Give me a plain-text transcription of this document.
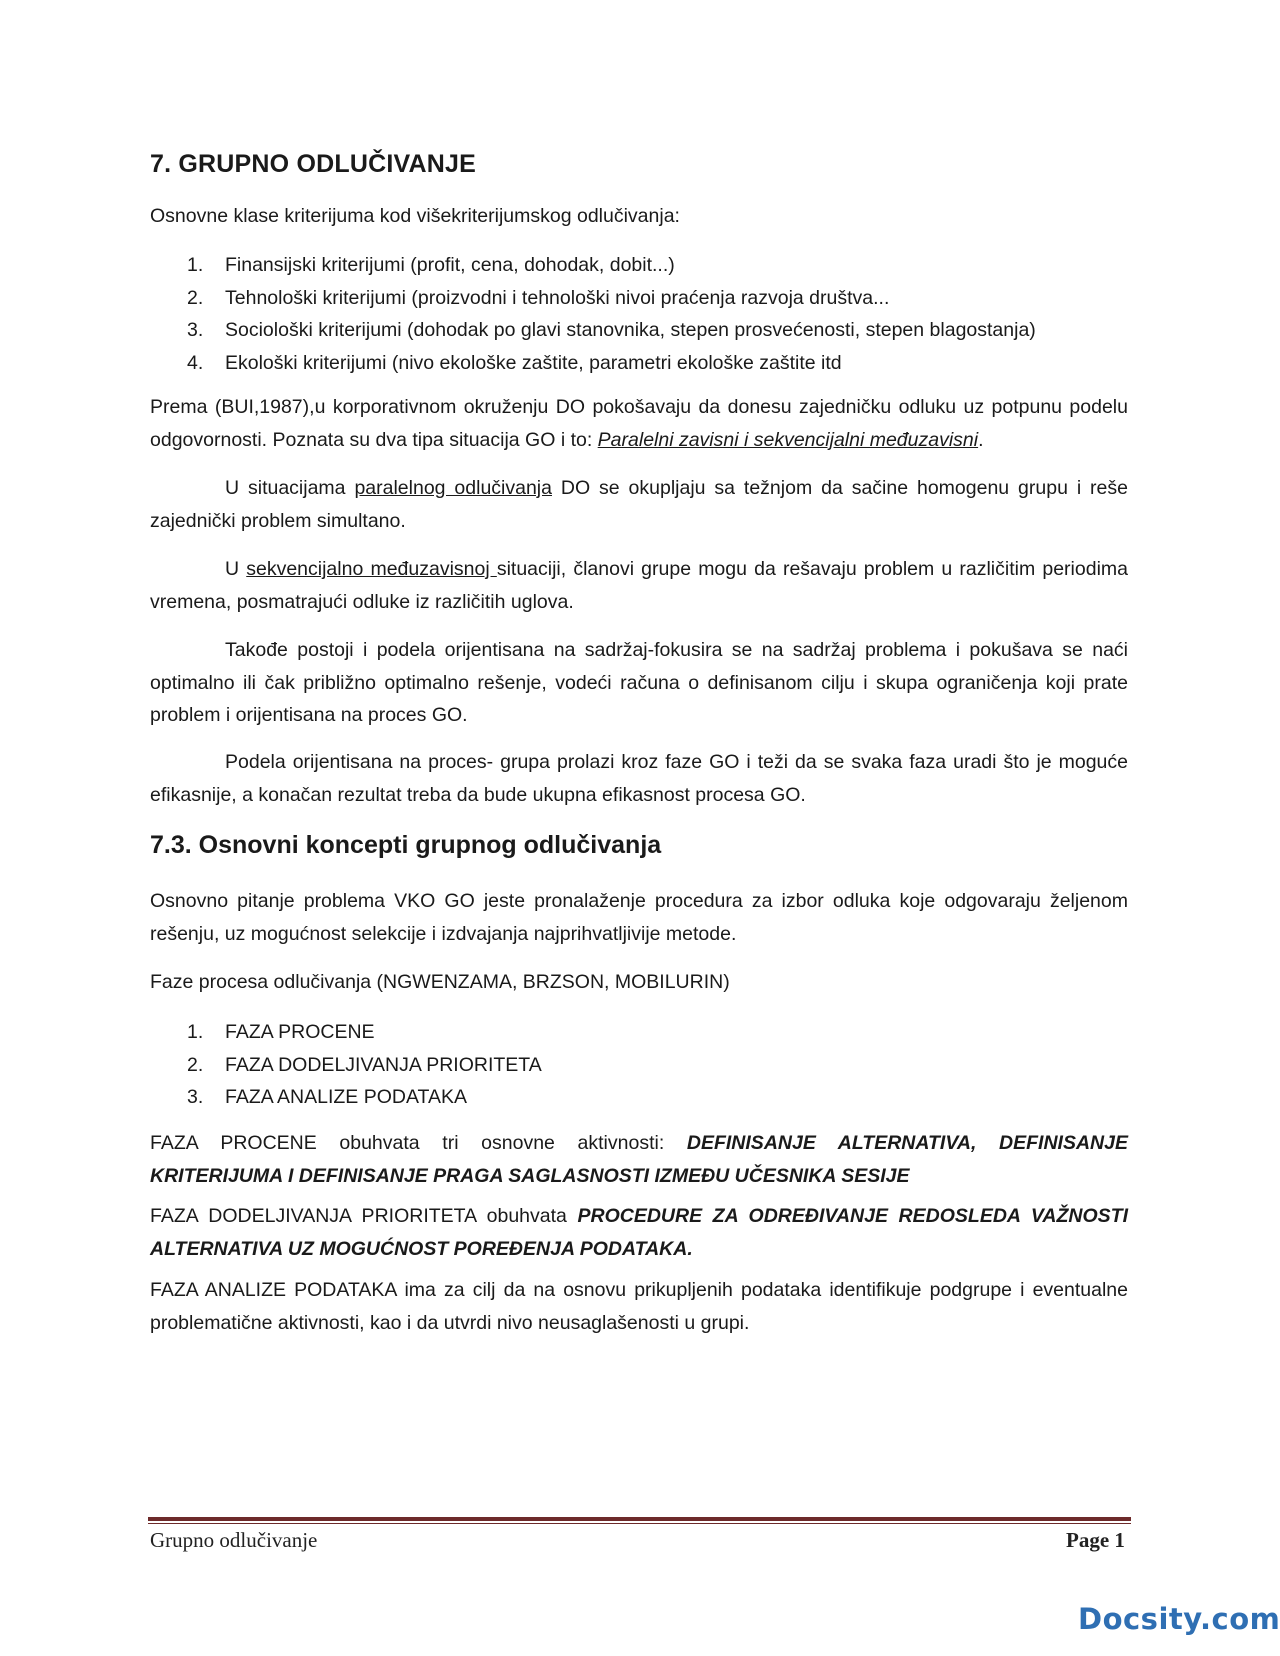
7. GRUPNO ODLUČIVANJE

Osnovne klase kriterijuma kod višekriterijumskog odlučivanja:

1. Finansijski kriterijumi (profit, cena, dohodak, dobit...)
2. Tehnološki kriterijumi (proizvodni i tehnološki nivoi praćenja razvoja društva...
3. Sociološki kriterijumi (dohodak po glavi stanovnika, stepen prosvećenosti, stepen blagostanja)
4. Ekološki kriterijumi (nivo ekološke zaštite, parametri ekološke zaštite itd

Prema (BUI,1987),u korporativnom okruženju DO pokošavaju da donesu zajedničku odluku uz potpunu podelu odgovornosti. Poznata su dva tipa situacija GO i to: Paralelni zavisni i sekvencijalni međuzavisni.

U situacijama paralelnog odlučivanja DO se okupljaju sa težnjom da sačine homogenu grupu i reše zajednički problem simultano.

U sekvencijalno međuzavisnoj situaciji, članovi grupe mogu da rešavaju problem u različitim periodima vremena, posmatrajući odluke iz različitih uglova.

Takođe postoji i podela orijentisana na sadržaj-fokusira se na sadržaj problema i pokušava se naći optimalno ili čak približno optimalno rešenje, vodeći računa o definisanom cilju i skupa ograničenja koji prate problem i orijentisana na proces GO.

Podela orijentisana na proces- grupa prolazi kroz faze GO i teži da se svaka faza uradi što je moguće efikasnije, a konačan rezultat treba da bude ukupna efikasnost procesa GO.

7.3. Osnovni koncepti grupnog odlučivanja

Osnovno pitanje problema VKO GO jeste pronalaženje procedura za izbor odluka koje odgovaraju željenom rešenju, uz mogućnost selekcije i izdvajanja najprihvatljivije metode.

Faze procesa odlučivanja (NGWENZAMA, BRZSON, MOBILURIN)

1. FAZA PROCENE
2. FAZA DODELJIVANJA PRIORITETA
3. FAZA ANALIZE PODATAKA

FAZA PROCENE obuhvata tri osnovne aktivnosti: DEFINISANJE ALTERNATIVA, DEFINISANJE KRITERIJUMA I DEFINISANJE PRAGA SAGLASNOSTI IZMEĐU UČESNIKA SESIJE

FAZA DODELJIVANJA PRIORITETA obuhvata PROCEDURE ZA ODREĐIVANJE REDOSLEDA VAŽNOSTI ALTERNATIVA UZ MOGUĆNOST POREĐENJA PODATAKA.

FAZA ANALIZE PODATAKA ima za cilj da na osnovu prikupljenih podataka identifikuje podgrupe i eventualne problematične aktivnosti, kao i da utvrdi nivo neusaglašenosti u grupi.

Grupno odlučivanje	Page 1
Docsity.com
